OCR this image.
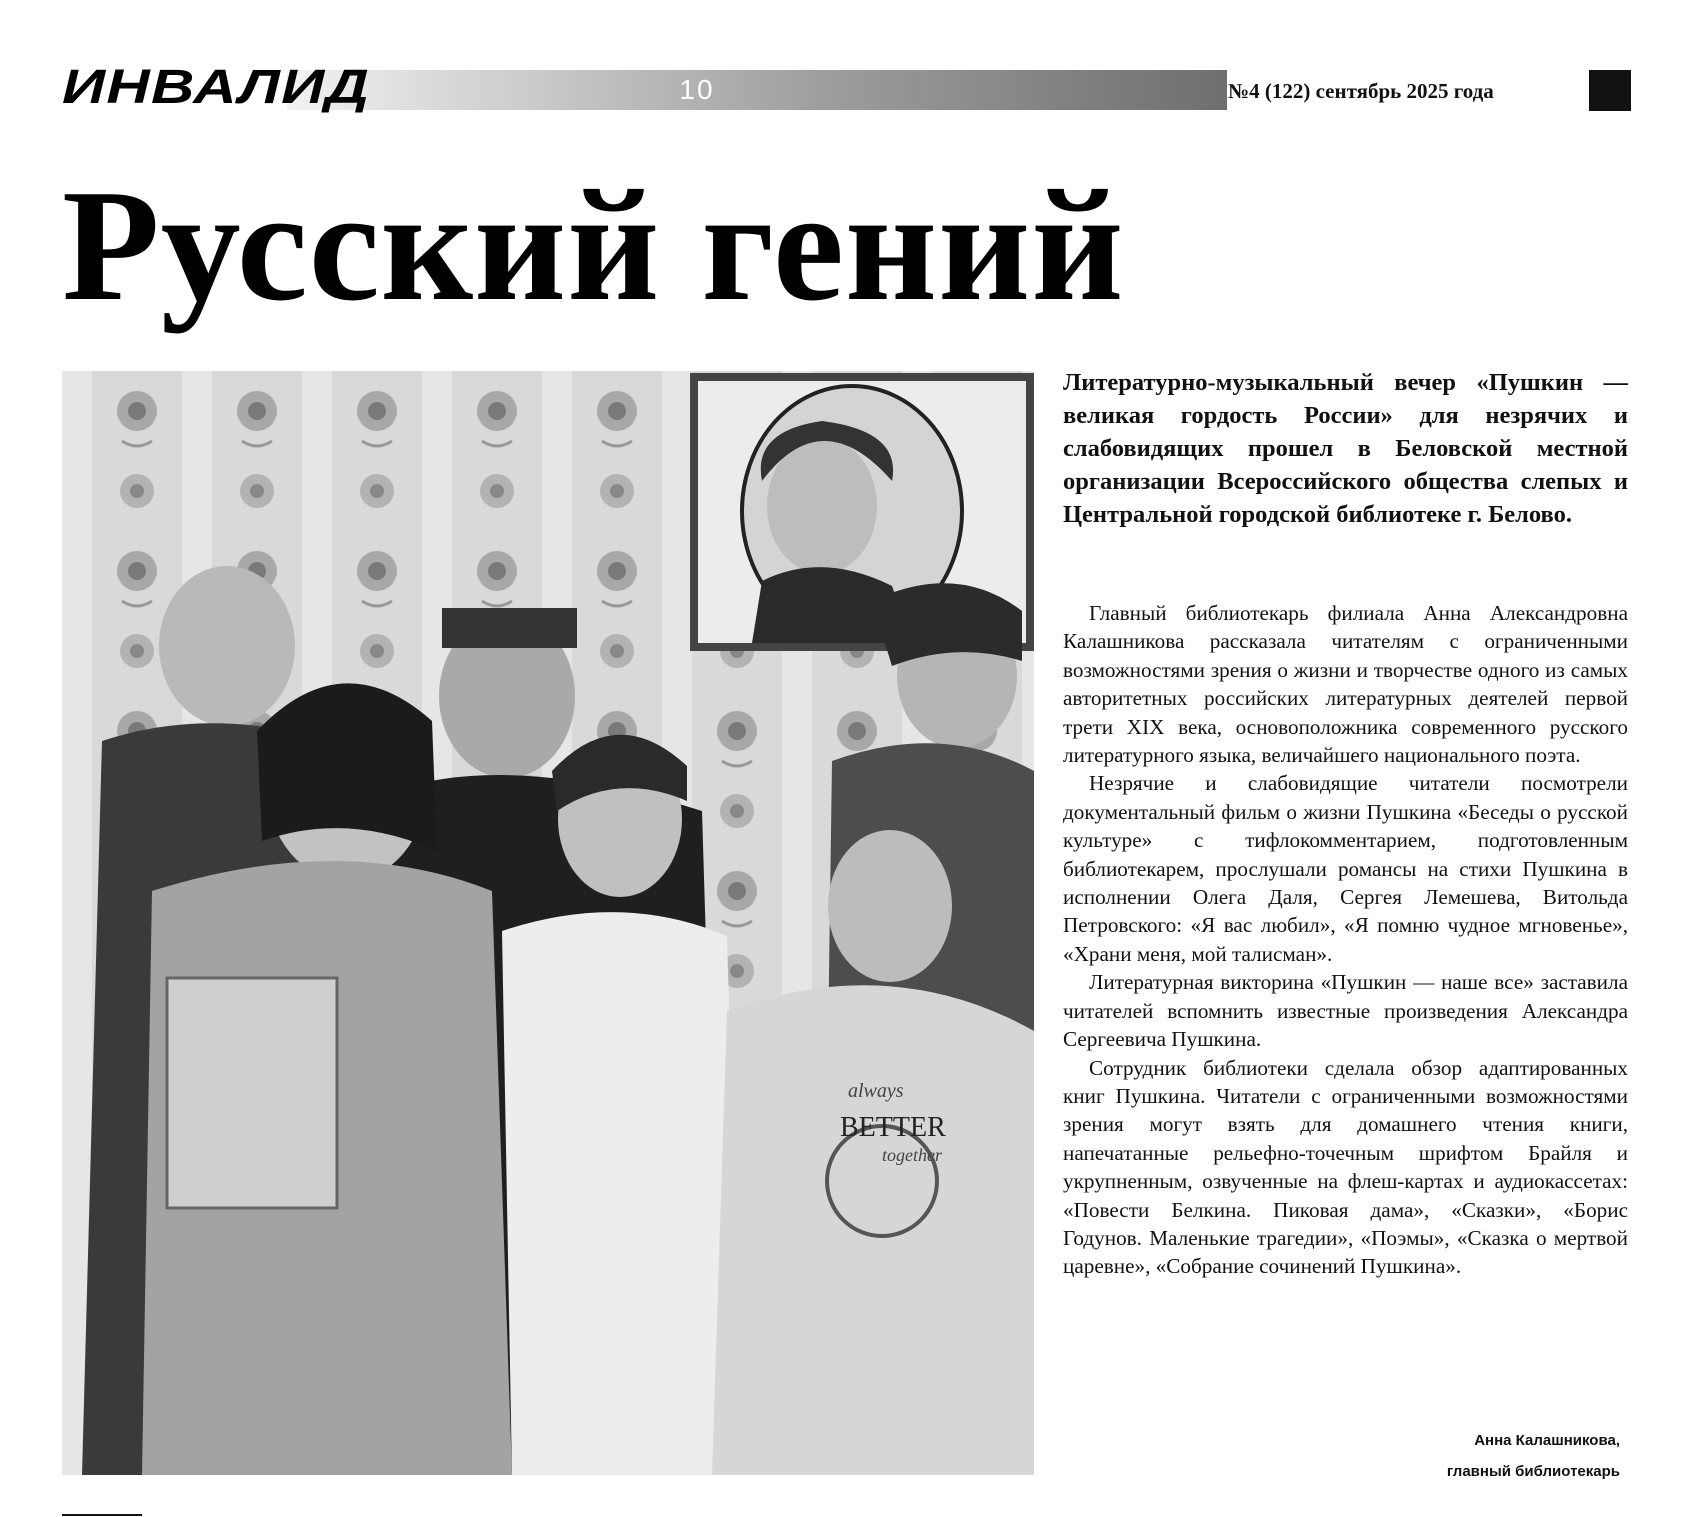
ИНВАЛИД	10	№4 (122) сентябрь 2025 года
Русский гений
always
BETTER
together
Литературно-музыкальный вечер «Пушкин — великая гордость России» для незрячих и слабовидящих прошел в Беловской местной организации Всероссийского общества слепых и Центральной городской библиотеке г. Белово.

Главный библиотекарь филиала Анна Александровна Калашникова рассказала читателям с ограниченными возможностями зрения о жизни и творчестве одного из самых авторитетных российских литературных деятелей первой трети XIX века, основоположника современного русского литературного языка, величайшего национального поэта.

Незрячие и слабовидящие читатели посмотрели документальный фильм о жизни Пушкина «Беседы о русской культуре» с тифлокомментарием, подготовленным библиотекарем, прослушали романсы на стихи Пушкина в исполнении Олега Даля, Сергея Лемешева, Витольда Петровского: «Я вас любил», «Я помню чудное мгновенье», «Храни меня, мой талисман».

Литературная викторина «Пушкин — наше все» заставила читателей вспомнить известные произведения Александра Сергеевича Пушкина.

Сотрудник библиотеки сделала обзор адаптированных книг Пушкина. Читатели с ограниченными возможностями зрения могут взять для домашнего чтения книги, напечатанные рельефно-точечным шрифтом Брайля и укрупненным, озвученные на флеш-картах и аудиокассетах: «Повести Белкина. Пиковая дама», «Сказки», «Борис Годунов. Маленькие трагедии», «Поэмы», «Сказка о мертвой царевне», «Собрание сочинений Пушкина».

Анна Калашникова,
главный библиотекарь
